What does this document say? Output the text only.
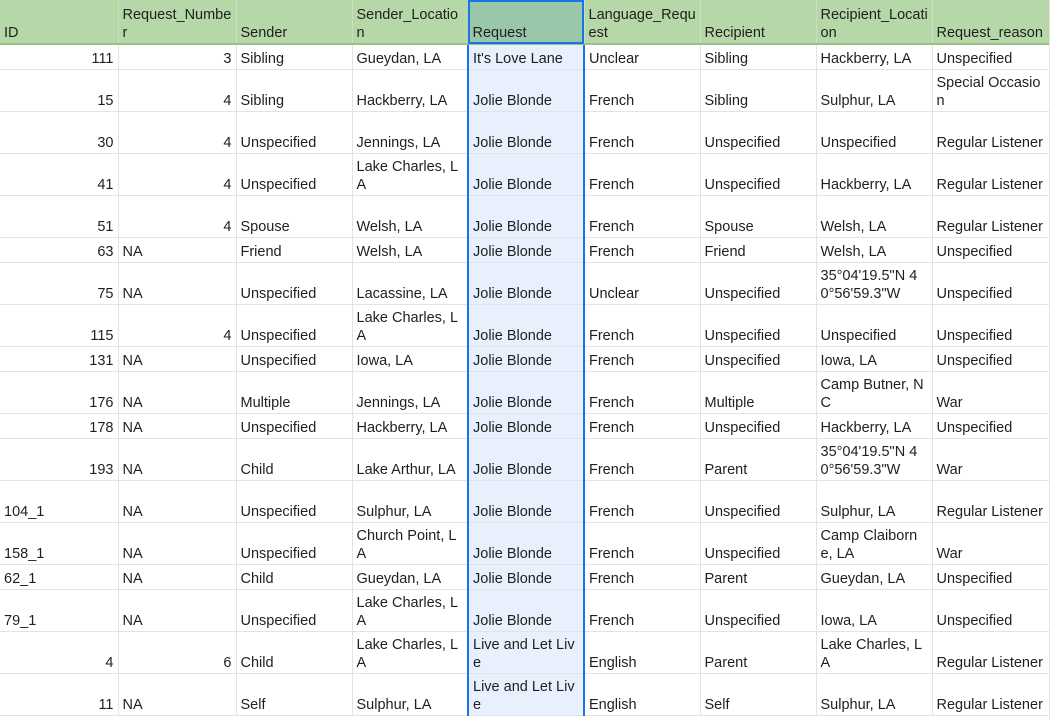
ID	Request_Number	Sender	Sender_Location	Request	Language_Request	Recipient	Recipient_Location	Request_reason
111	3	Sibling	Gueydan, LA	It's Love Lane	Unclear	Sibling	Hackberry, LA	Unspecified
15	4	Sibling	Hackberry, LA	Jolie Blonde	French	Sibling	Sulphur, LA	Special Occasion
30	4	Unspecified	Jennings, LA	Jolie Blonde	French	Unspecified	Unspecified	Regular Listener
41	4	Unspecified	Lake Charles, LA	Jolie Blonde	French	Unspecified	Hackberry, LA	Regular Listener
51	4	Spouse	Welsh, LA	Jolie Blonde	French	Spouse	Welsh, LA	Regular Listener
63	NA	Friend	Welsh, LA	Jolie Blonde	French	Friend	Welsh, LA	Unspecified
75	NA	Unspecified	Lacassine, LA	Jolie Blonde	Unclear	Unspecified	35°04'19.5"N 40°56'59.3"W	Unspecified
115	4	Unspecified	Lake Charles, LA	Jolie Blonde	French	Unspecified	Unspecified	Unspecified
131	NA	Unspecified	Iowa, LA	Jolie Blonde	French	Unspecified	Iowa, LA	Unspecified
176	NA	Multiple	Jennings, LA	Jolie Blonde	French	Multiple	Camp Butner, NC	War
178	NA	Unspecified	Hackberry, LA	Jolie Blonde	French	Unspecified	Hackberry, LA	Unspecified
193	NA	Child	Lake Arthur, LA	Jolie Blonde	French	Parent	35°04'19.5"N 40°56'59.3"W	War
104_1	NA	Unspecified	Sulphur, LA	Jolie Blonde	French	Unspecified	Sulphur, LA	Regular Listener
158_1	NA	Unspecified	Church Point, LA	Jolie Blonde	French	Unspecified	Camp Claiborne, LA	War
62_1	NA	Child	Gueydan, LA	Jolie Blonde	French	Parent	Gueydan, LA	Unspecified
79_1	NA	Unspecified	Lake Charles, LA	Jolie Blonde	French	Unspecified	Iowa, LA	Unspecified
4	6	Child	Lake Charles, LA	Live and Let Live	English	Parent	Lake Charles, LA	Regular Listener
11	NA	Self	Sulphur, LA	Live and Let Live	English	Self	Sulphur, LA	Regular Listener
